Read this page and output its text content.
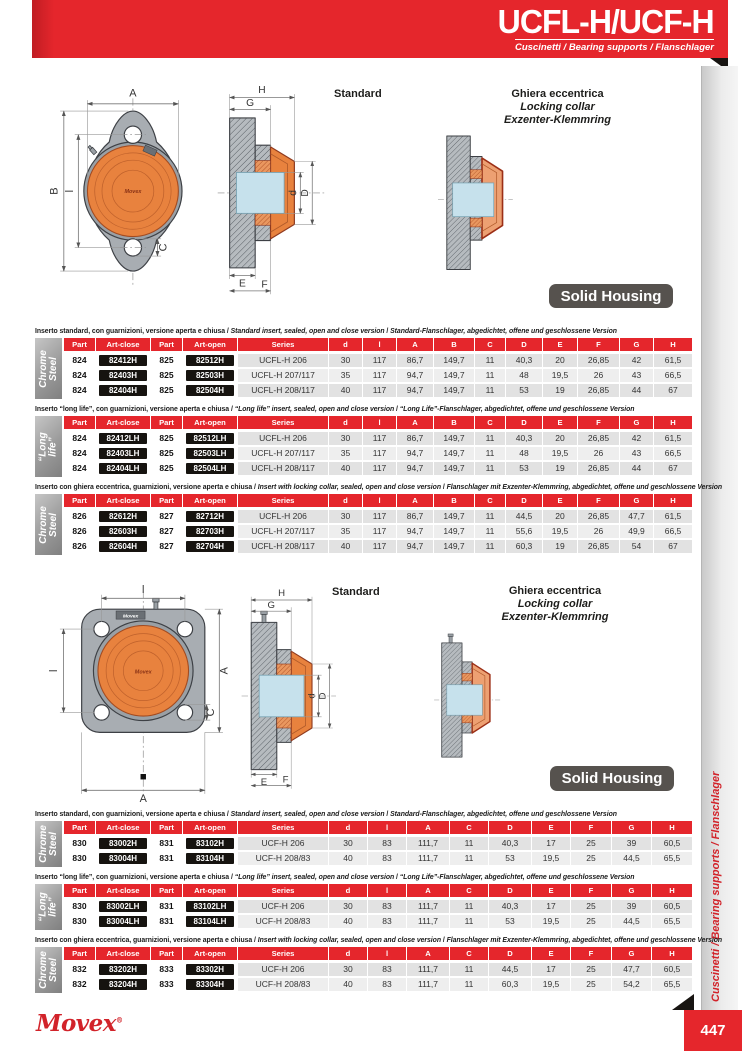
UCFL-H/UCF-H
Cuscinetti / Bearing supports / Flanschlager
Cuscinetti / Bearing supports / Flanschlager
447
Movex
A
B l
C
H
G
d D
E F
Standard	Ghiera eccentrica
Locking collar
Exzenter-Klemmring
Solid Housing
Inserto standard, con guarnizioni, versione aperta e chiusa / Standard insert, sealed, open and close version / Standard-Flanschlager, abgedichtet, offene und geschlossene Version
Chrome Steel
Part	Art-close	Part	Art-open	Series	d	l	A	B	C	D	E	F	G	H
824	82412H	825	82512H	UCFL-H 206	30	117	86,7	149,7	11	40,3	20	26,85	42	61,5
824	82403H	825	82503H	UCFL-H 207/117	35	117	94,7	149,7	11	48	19,5	26	43	66,5
824	82404H	825	82504H	UCFL-H 208/117	40	117	94,7	149,7	11	53	19	26,85	44	67
Inserto “long life”, con guarnizioni, versione aperta e chiusa / “Long life” insert, sealed, open and close version / “Long Life”-Flanschlager, abgedichtet, offene und geschlossene Version
“Long life”
Part	Art-close	Part	Art-open	Series	d	l	A	B	C	D	E	F	G	H
824	82412LH	825	82512LH	UCFL-H 206	30	117	86,7	149,7	11	40,3	20	26,85	42	61,5
824	82403LH	825	82503LH	UCFL-H 207/117	35	117	94,7	149,7	11	48	19,5	26	43	66,5
824	82404LH	825	82504LH	UCFL-H 208/117	40	117	94,7	149,7	11	53	19	26,85	44	67
Inserto con ghiera eccentrica, guarnizioni, versione aperta e chiusa / Insert with locking collar, sealed, open and close version / Flanschlager mit Exzenter-Klemmring, abgedichtet, offene und geschlossene Version
Chrome Steel
Part	Art-close	Part	Art-open	Series	d	l	A	B	C	D	E	F	G	H
826	82612H	827	82712H	UCFL-H 206	30	117	86,7	149,7	11	44,5	20	26,85	47,7	61,5
826	82603H	827	82703H	UCFL-H 207/117	35	117	94,7	149,7	11	55,6	19,5	26	49,9	66,5
826	82604H	827	82704H	UCFL-H 208/117	40	117	94,7	149,7	11	60,3	19	26,85	54	67
Movex
Movex
l
l	A
A
C
H
G
d D
E F
Standard	Ghiera eccentrica
Locking collar
Exzenter-Klemmring
Solid Housing
Inserto standard, con guarnizioni, versione aperta e chiusa / Standard insert, sealed, open and close version / Standard-Flanschlager, abgedichtet, offene und geschlossene Version
Chrome Steel
Part	Art-close	Part	Art-open	Series	d	l	A	C	D	E	F	G	H
830	83002H	831	83102H	UCF-H 206	30	83	111,7	11	40,3	17	25	39	60,5
830	83004H	831	83104H	UCF-H 208/83	40	83	111,7	11	53	19,5	25	44,5	65,5
Inserto “long life”, con guarnizioni, versione aperta e chiusa / “Long life” insert, sealed, open and close version / “Long Life”-Flanschlager, abgedichtet, offene und geschlossene Version
“Long life”
Part	Art-close	Part	Art-open	Series	d	l	A	C	D	E	F	G	H
830	83002LH	831	83102LH	UCF-H 206	30	83	111,7	11	40,3	17	25	39	60,5
830	83004LH	831	83104LH	UCF-H 208/83	40	83	111,7	11	53	19,5	25	44,5	65,5
Inserto con ghiera eccentrica, guarnizioni, versione aperta e chiusa / Insert with locking collar, sealed, open and close version / Flanschlager mit Exzenter-Klemmring, abgedichtet, offene und geschlossene Version
Chrome Steel
Part	Art-close	Part	Art-open	Series	d	l	A	C	D	E	F	G	H
832	83202H	833	83302H	UCF-H 206	30	83	111,7	11	44,5	17	25	47,7	60,5
832	83204H	833	83304H	UCF-H 208/83	40	83	111,7	11	60,3	19,5	25	54,2	65,5
Movex®
